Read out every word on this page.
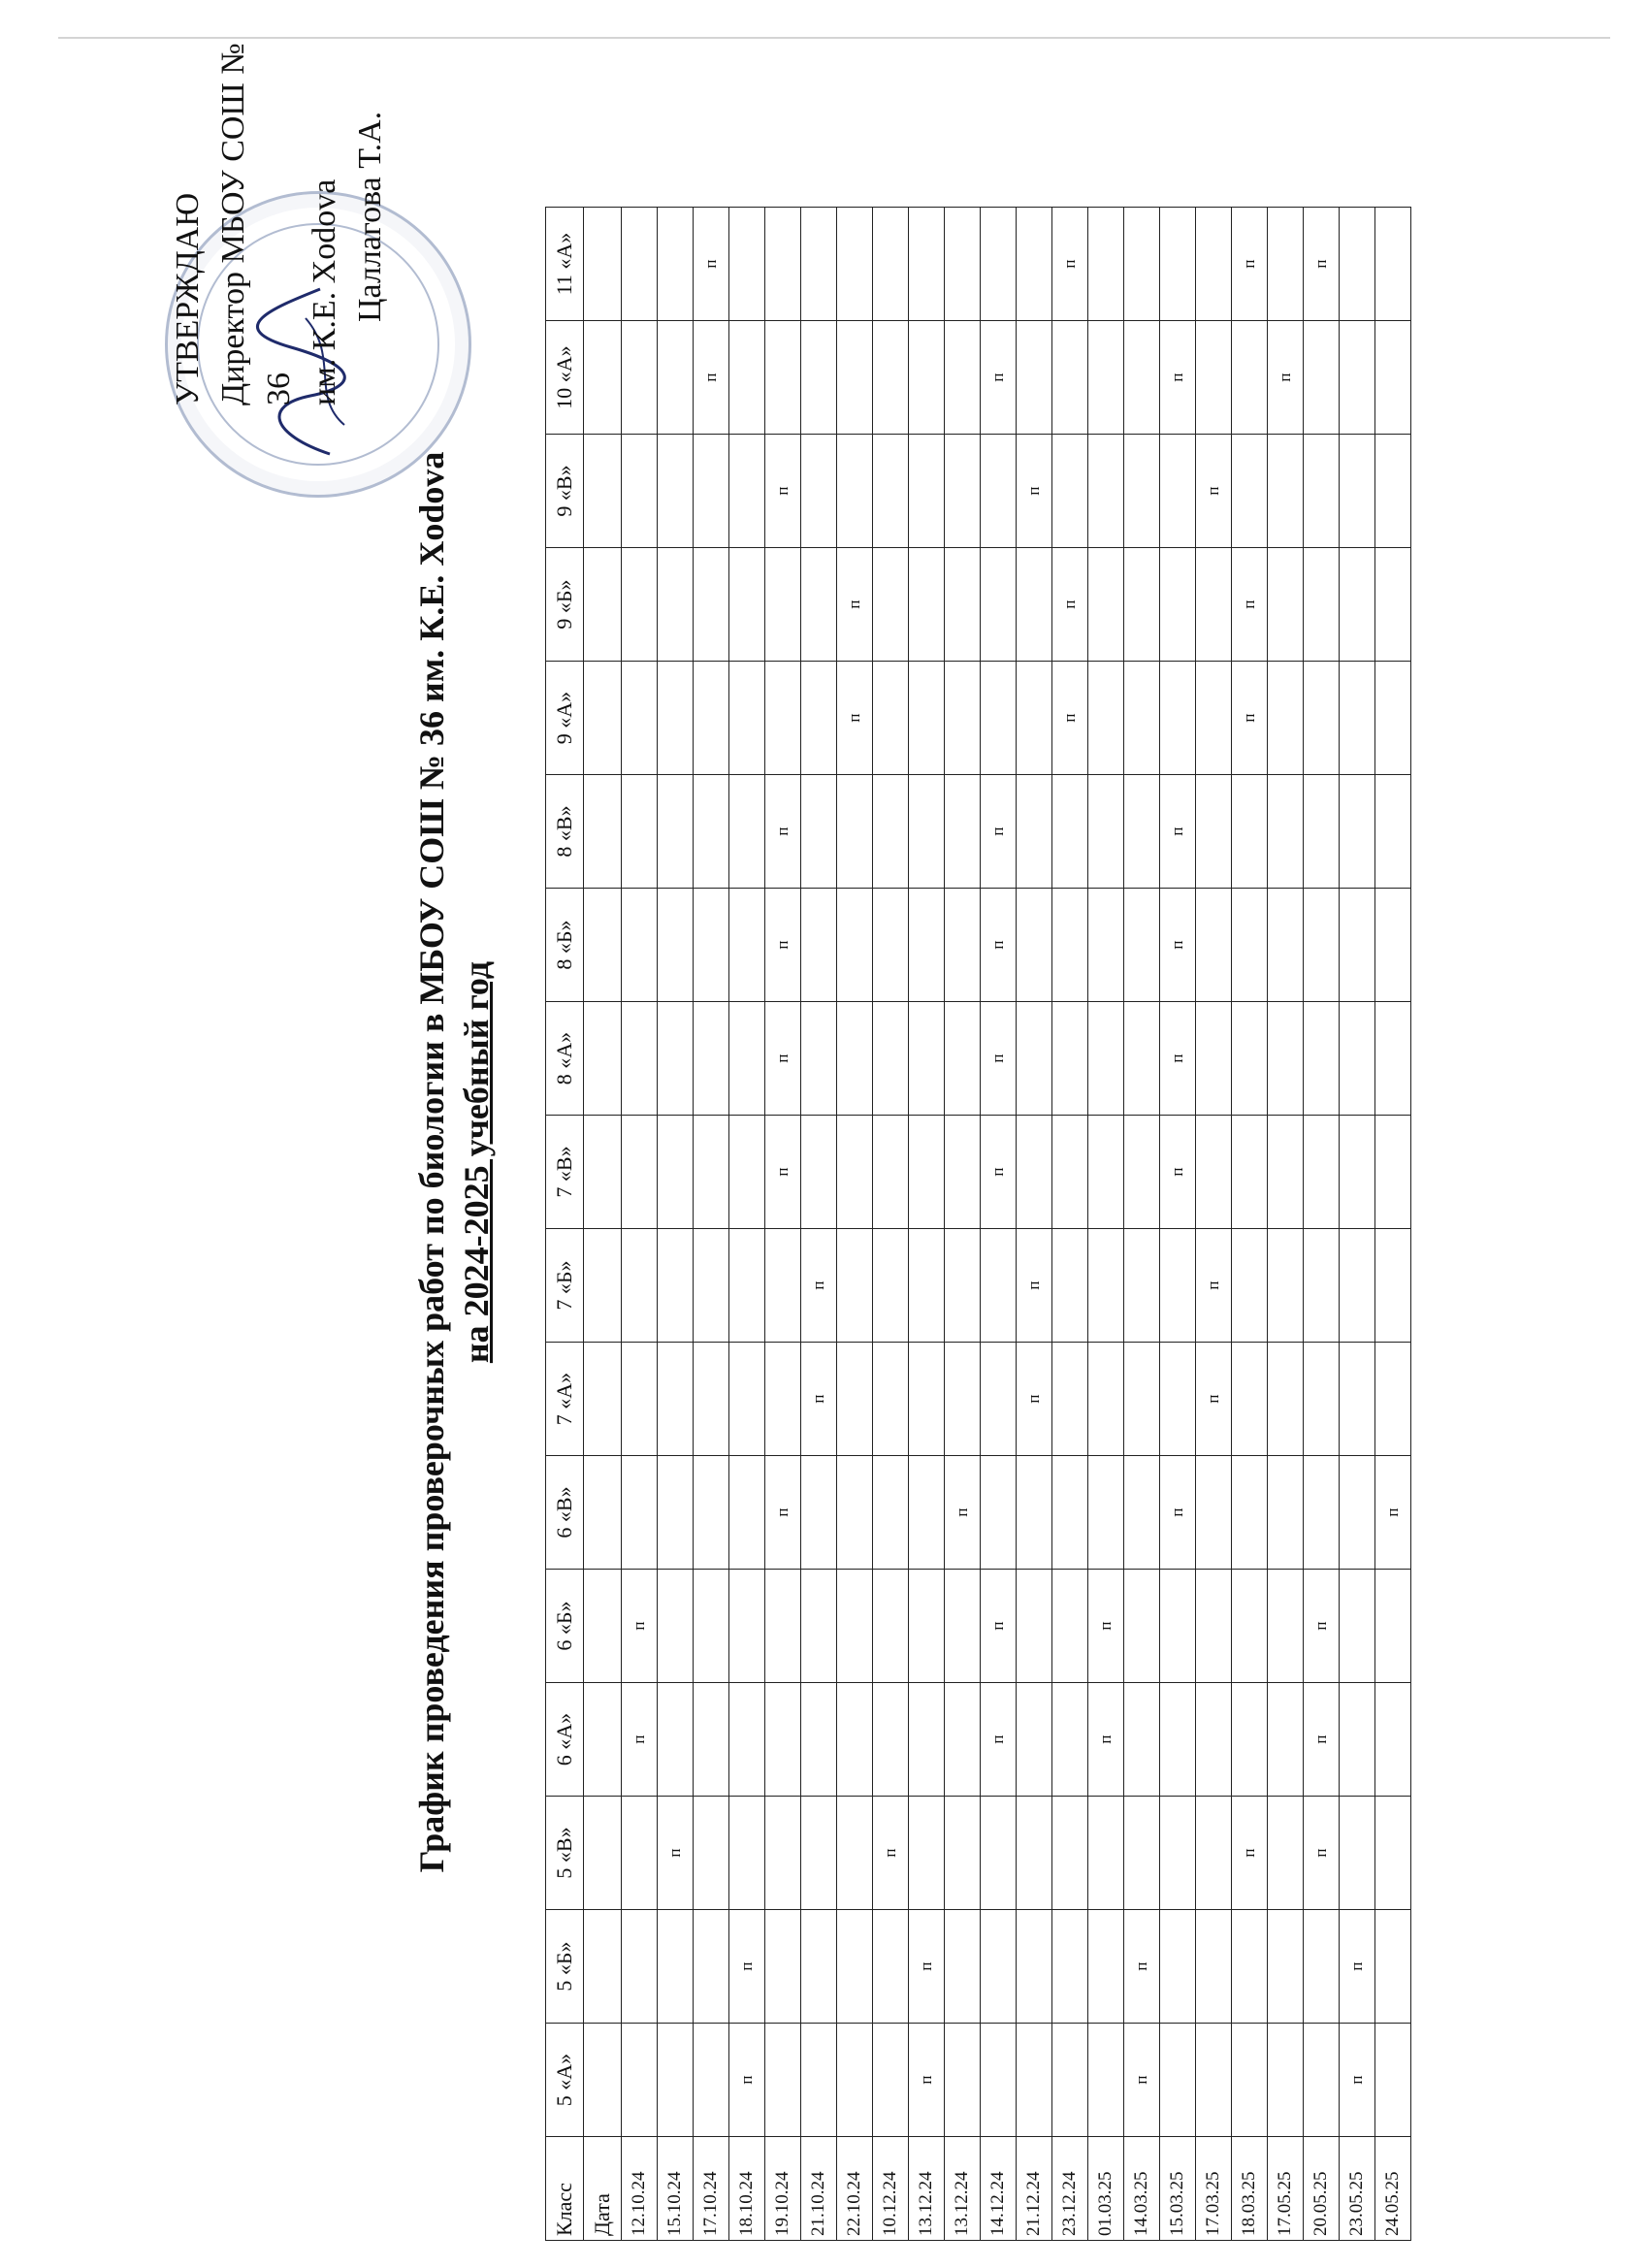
УТВЕРЖДАЮ Директор МБОУ СОШ № 36 им. К.Е. Хodova Цаллагова Т.А.
График проведения проверочных работ по биологии в МБОУ СОШ № 36 им. К.Е. Хodova на 2024-2025 учебный год
Класс	5 «А»	5 «Б»	5 «В»	6 «А»	6 «Б»	6 «В»	7 «А»	7 «Б»	7 «В»	8 «А»	8 «Б»	8 «В»	9 «А»	9 «Б»	9 «В»	10 «А»	11 «А»
Дата																	
12.10.24				п	п												
15.10.24			п														
17.10.24																п	п
18.10.24	п	п															
19.10.24						п			п	п	п	п			п		
21.10.24							п	п									
22.10.24													п	п			
10.12.24			п														
13.12.24	п	п															
13.12.24						п											
14.12.24				п	п				п	п	п	п				п	
21.12.24							п	п							п		
23.12.24													п	п			п
01.03.25				п	п												
14.03.25	п	п															
15.03.25						п			п	п	п	п				п	
17.03.25							п	п							п		
18.03.25			п										п	п			п
17.05.25																п	
20.05.25			п	п	п												п
23.05.25	п	п															
24.05.25						п											
